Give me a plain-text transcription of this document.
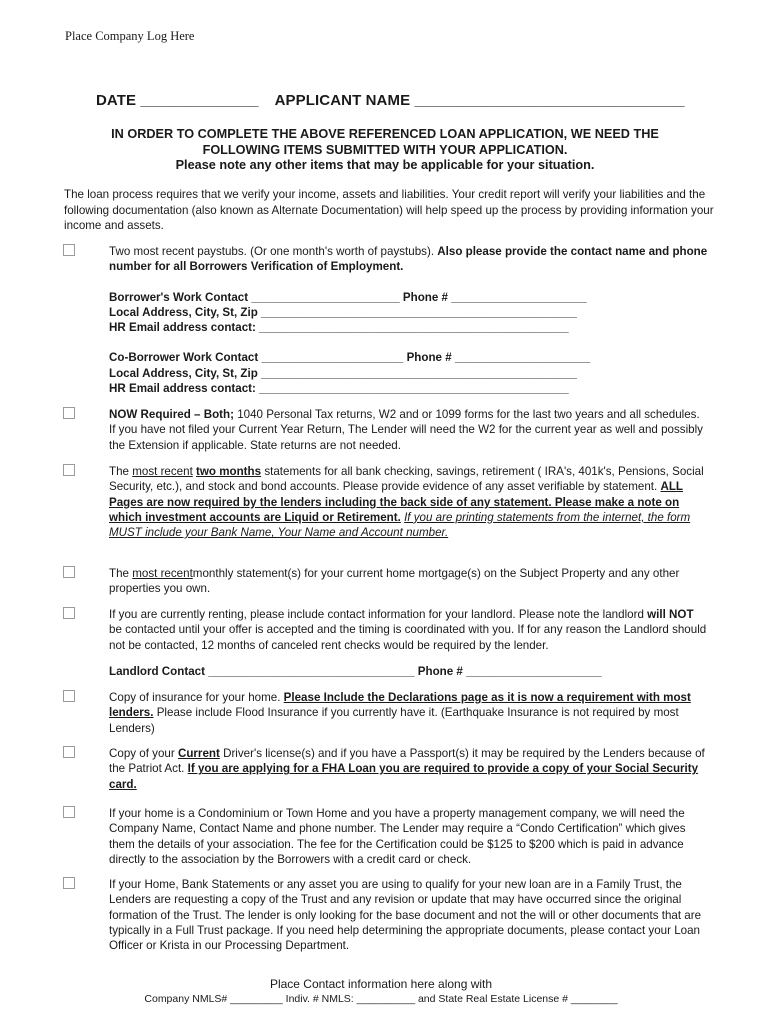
Place Company Log Here
DATE ______________ APPLICANT NAME ________________________________
IN ORDER TO COMPLETE THE ABOVE REFERENCED LOAN APPLICATION, WE NEED THE
FOLLOWING ITEMS SUBMITTED WITH YOUR APPLICATION.
Please note any other items that may be applicable for your situation.
The loan process requires that we verify your income, assets and liabilities. Your credit report will verify your liabilities and the following documentation (also known as Alternate Documentation) will help speed up the process by providing information your income and assets.
Two most recent paystubs. (Or one month's worth of paystubs). Also please provide the contact name and phone number for all Borrowers Verification of Employment.
Borrower's Work Contact _______________________ Phone # _____________________
Local Address, City, St, Zip _________________________________________________
HR Email address contact: ________________________________________________
Co-Borrower Work Contact ______________________ Phone # _____________________
Local Address, City, St, Zip _________________________________________________
HR Email address contact: ________________________________________________
NOW Required – Both; 1040 Personal Tax returns, W2 and or 1099 forms for the last two years and all schedules. If you have not filed your Current Year Return, The Lender will need the W2 for the current year as well and possibly the Extension if applicable. State returns are not needed.
The most recent two months statements for all bank checking, savings, retirement ( IRA's, 401k's, Pensions, Social Security, etc.), and stock and bond accounts. Please provide evidence of any asset verifiable by statement. ALL Pages are now required by the lenders including the back side of any statement. Please make a note on which investment accounts are Liquid or Retirement. If you are printing statements from the internet, the form MUST include your Bank Name, Your Name and Account number.
The most recentmonthly statement(s) for your current home mortgage(s) on the Subject Property and any other properties you own.
If you are currently renting, please include contact information for your landlord. Please note the landlord will NOT be contacted until your offer is accepted and the timing is coordinated with you. If for any reason the Landlord should not be contacted, 12 months of canceled rent checks would be required by the lender.
Landlord Contact ________________________________ Phone # _____________________
Copy of insurance for your home. Please Include the Declarations page as it is now a requirement with most lenders. Please include Flood Insurance if you currently have it. (Earthquake Insurance is not required by most Lenders)
Copy of your Current Driver's license(s) and if you have a Passport(s) it may be required by the Lenders because of the Patriot Act. If you are applying for a FHA Loan you are required to provide a copy of your Social Security card.
If your home is a Condominium or Town Home and you have a property management company, we will need the Company Name, Contact Name and phone number. The Lender may require a “Condo Certification” which gives them the details of your association. The fee for the Certification could be $125 to $200 which is paid in advance directly to the association by the Borrowers with a credit card or check.
If your Home, Bank Statements or any asset you are using to qualify for your new loan are in a Family Trust, the Lenders are requesting a copy of the Trust and any revision or update that may have occurred since the original formation of the Trust. The lender is only looking for the base document and not the will or other documents that are typically in a Full Trust package. If you need help determining the appropriate documents, please contact your Loan Officer or Krista in our Processing Department.
Place Contact information here along with
Company NMLS# _________ Indiv. # NMLS: __________ and State Real Estate License # ________
